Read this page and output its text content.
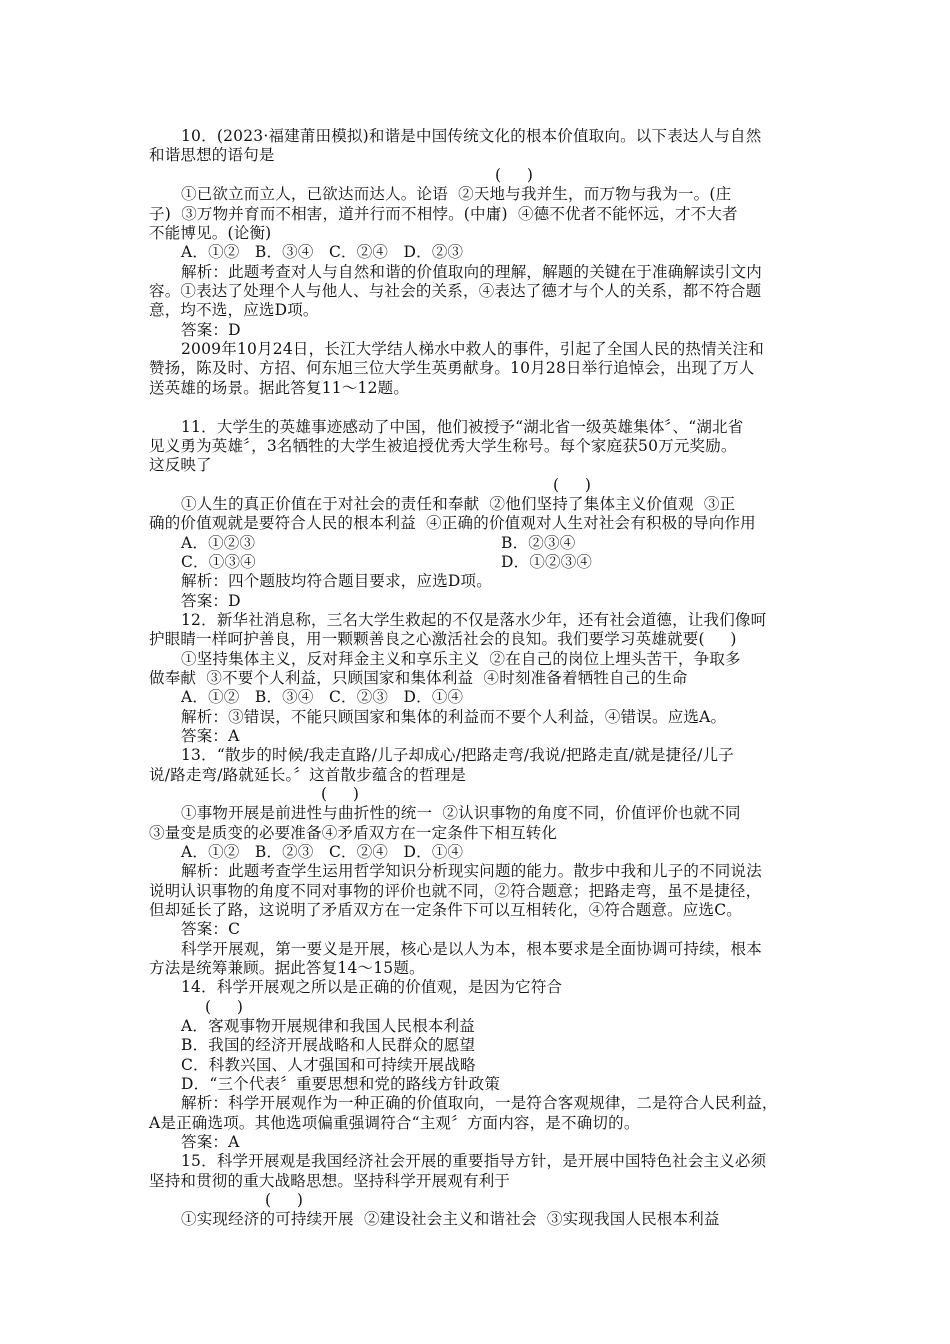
10．(2023·福建莆田模拟)和谐是中国传统文化的根本价值取向。以下表达人与自然

和谐思想的语句是

(     )

①已欲立而立人，已欲达而达人。论语  ②天地与我并生，而万物与我为一。(庄

子)  ③万物并育而不相害，道并行而不相悖。(中庸)  ④德不优者不能怀远，才不大者

不能博见。(论衡)

A．①②   B．③④   C．②④   D．②③

解析：此题考查对人与自然和谐的价值取向的理解，解题的关键在于准确解读引文内

容。①表达了处理个人与他人、与社会的关系，④表达了德才与个人的关系，都不符合题

意，均不选，应选D项。

答案：D

2009年10月24日，长江大学结人梯水中救人的事件，引起了全国人民的热情关注和

赞扬，陈及时、方招、何东旭三位大学生英勇献身。10月28日举行追悼会，出现了万人

送英雄的场景。据此答复11～12题。

11．大学生的英雄事迹感动了中国，他们被授予“湖北省一级英雄集体〞、“湖北省

见义勇为英雄〞，3名牺牲的大学生被追授优秀大学生称号。每个家庭获50万元奖励。

这反映了

(     )

①人生的真正价值在于对社会的责任和奉献  ②他们坚持了集体主义价值观  ③正

确的价值观就是要符合人民的根本利益  ④正确的价值观对人生对社会有积极的导向作用

A．①②③	B．②③④

C．①③④	D．①②③④

解析：四个题肢均符合题目要求，应选D项。

答案：D

12．新华社消息称，三名大学生救起的不仅是落水少年，还有社会道德，让我们像呵

护眼睛一样呵护善良，用一颗颗善良之心激活社会的良知。我们要学习英雄就要(     )

①坚持集体主义，反对拜金主义和享乐主义  ②在自己的岗位上埋头苦干，争取多

做奉献  ③不要个人利益，只顾国家和集体利益  ④时刻准备着牺牲自己的生命

A．①②   B．③④   C．②③   D．①④

解析：③错误，不能只顾国家和集体的利益而不要个人利益，④错误。应选A。

答案：A

13．“散步的时候/我走直路/儿子却成心/把路走弯/我说/把路走直/就是捷径/儿子

说/路走弯/路就延长。〞这首散步蕴含的哲理是

(     )

①事物开展是前进性与曲折性的统一  ②认识事物的角度不同，价值评价也就不同

③量变是质变的必要准备④矛盾双方在一定条件下相互转化

A．①②   B．②③   C．②④   D．①④

解析：此题考查学生运用哲学知识分析现实问题的能力。散步中我和儿子的不同说法

说明认识事物的角度不同对事物的评价也就不同，②符合题意；把路走弯，虽不是捷径，

但却延长了路，这说明了矛盾双方在一定条件下可以互相转化，④符合题意。应选C。

答案：C

科学开展观，第一要义是开展，核心是以人为本，根本要求是全面协调可持续，根本

方法是统筹兼顾。据此答复14～15题。

14．科学开展观之所以是正确的价值观，是因为它符合

(     )

A．客观事物开展规律和我国人民根本利益

B．我国的经济开展战略和人民群众的愿望

C．科教兴国、人才强国和可持续开展战略

D．“三个代表〞重要思想和党的路线方针政策

解析：科学开展观作为一种正确的价值取向，一是符合客观规律，二是符合人民利益，

A是正确选项。其他选项偏重强调符合“主观〞方面内容，是不确切的。

答案：A

15．科学开展观是我国经济社会开展的重要指导方针，是开展中国特色社会主义必须

坚持和贯彻的重大战略思想。坚持科学开展观有利于

(     )

①实现经济的可持续开展  ②建设社会主义和谐社会  ③实现我国人民根本利益
